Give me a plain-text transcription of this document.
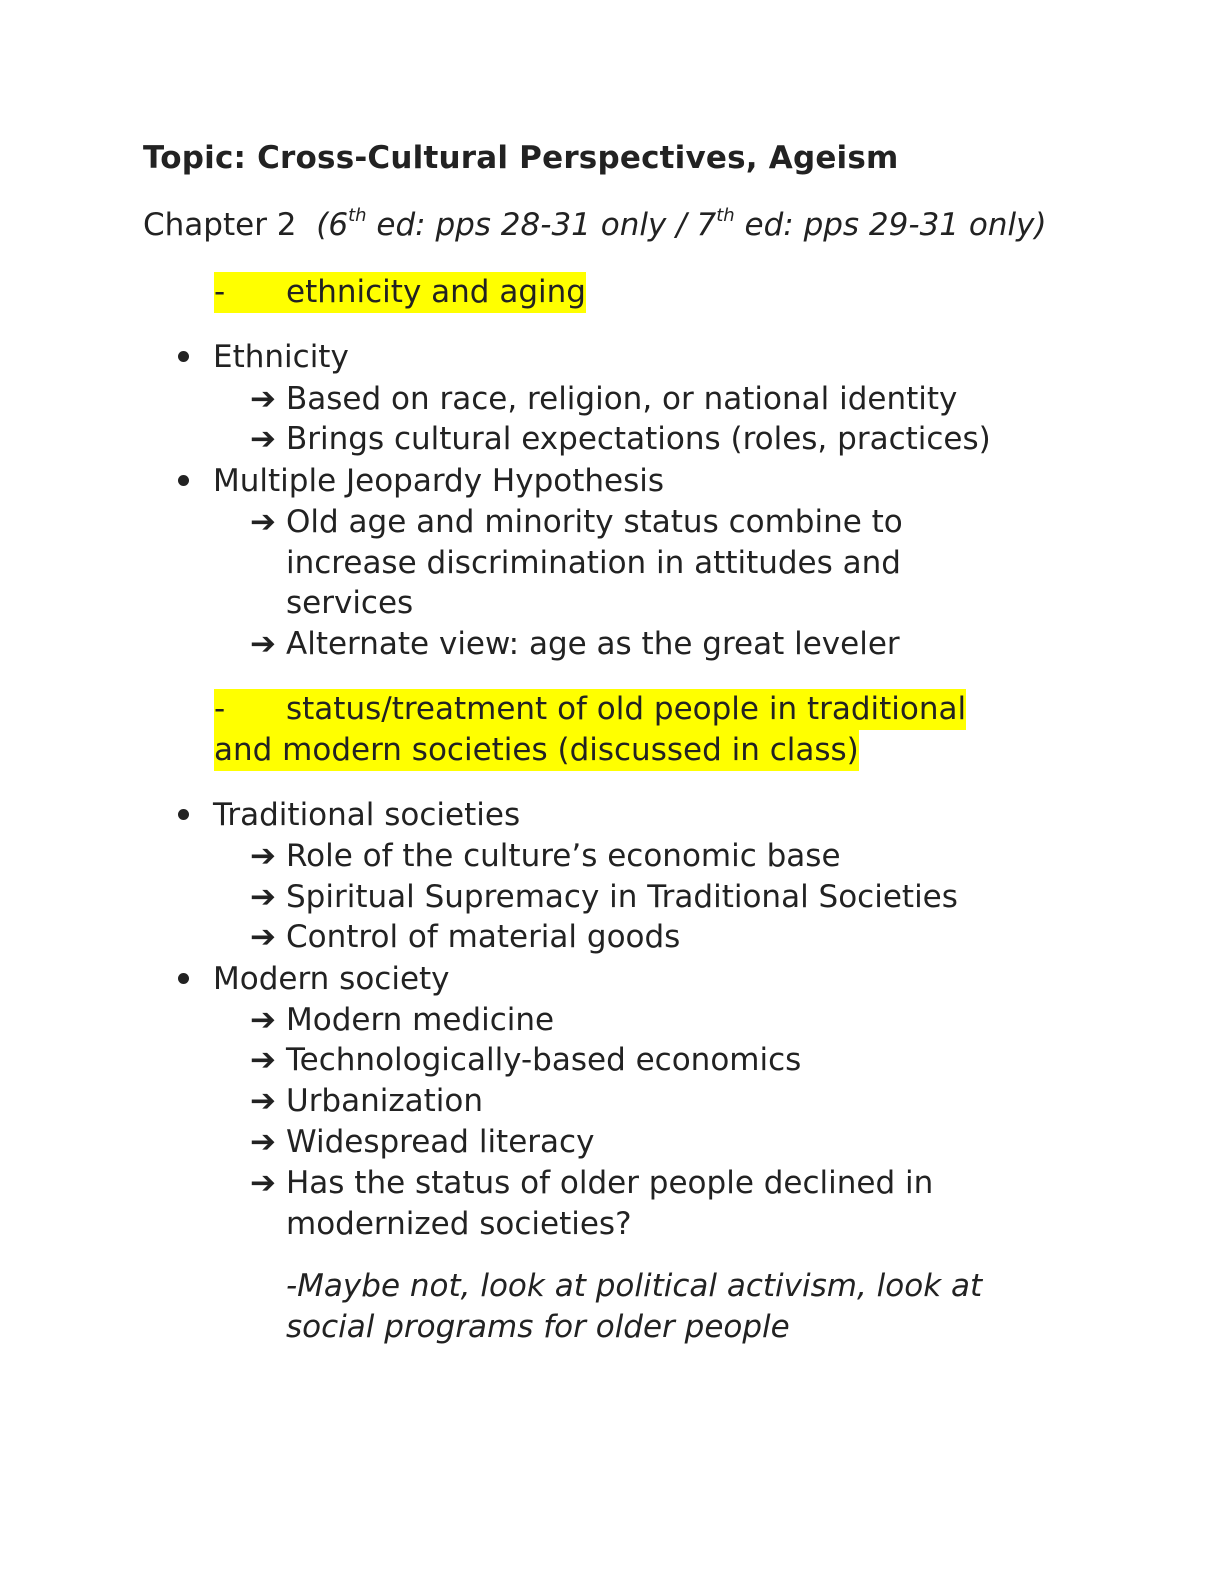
Topic: Cross-Cultural Perspectives, Ageism
Chapter 2 (6th ed: pps 28-31 only / 7th ed: pps 29-31 only)
- ethnicity and aging
Ethnicity
➔ Based on race, religion, or national identity
➔ Brings cultural expectations (roles, practices)
Multiple Jeopardy Hypothesis
➔ Old age and minority status combine to increase discrimination in attitudes and services
➔ Alternate view: age as the great leveler
- status/treatment of old people in traditional
and modern societies (discussed in class)
Traditional societies
➔ Role of the culture’s economic base
➔ Spiritual Supremacy in Traditional Societies
➔ Control of material goods
Modern society
➔ Modern medicine
➔ Technologically-based economics
➔ Urbanization
➔ Widespread literacy
➔ Has the status of older people declined in modernized societies?
-Maybe not, look at political activism, look at social programs for older people
